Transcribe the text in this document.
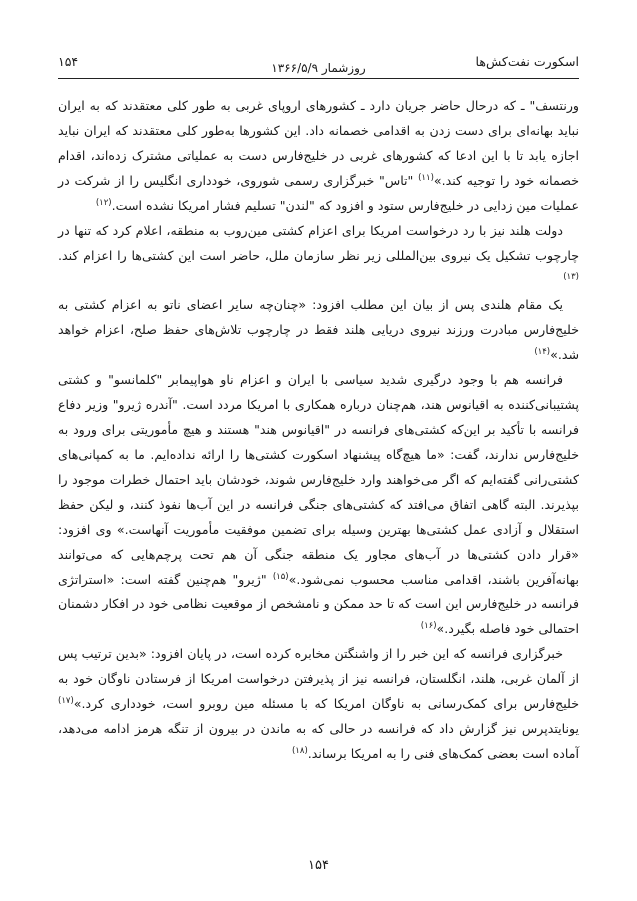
۱۵۴	اسکورت نفت‌کش‌ها
روزشمار ۱۳۶۶/۵/۹

ورنتسف" ـ که درحال حاضر جریان دارد ـ کشورهای اروپای غربی به طور کلی معتقدند که به ایران نباید بهانه‌ای برای دست زدن به اقدامی خصمانه داد. این کشورها به‌طور کلی معتقدند که ایران نباید اجازه یابد تا با این ادعا که کشورهای غربی در خلیج‌فارس دست به عملیاتی مشترک زده‌اند، اقدام خصمانه خود را توجیه کند.»$^{(۱۱)}$ "تاس" خبرگزاری رسمی شوروی، خودداری انگلیس را از شرکت در عملیات مین زدایی در خلیج‌فارس ستود و افزود که "لندن" تسلیم فشار امریکا نشده است.$^{(۱۲)}$

دولت هلند نیز با رد درخواست امریکا برای اعزام کشتی مین‌روب به منطقه، اعلام کرد که تنها در چارچوب تشکیل یک نیروی بین‌المللی زیر نظر سازمان ملل، حاضر است این کشتی‌ها را اعزام کند.$^{(۱۳)}$

یک مقام هلندی پس از بیان این مطلب افزود: «چنان‌چه سایر اعضای ناتو به‌ اعزام کشتی به خلیج‌فارس مبادرت ورزند نیروی دریایی هلند فقط در چارچوب تلاش‌های حفظ صلح، اعزام خواهد شد.»$^{(۱۴)}$

فرانسه هم با وجود درگیری شدید سیاسی با ایران و اعزام ناو هواپیمابر "کلمانسو" و کشتی پشتیبانی‌کننده به اقیانوس هند، هم‌چنان درباره همکاری با امریکا مردد است. "آندره ژیرو" وزیر دفاع فرانسه با تأکید بر این‌که کشتی‌های فرانسه در "اقیانوس هند" هستند و هیچ مأموریتی برای ورود به خلیج‌فارس ندارند، گفت: «ما هیچ‌گاه پیشنهاد اسکورت کشتی‌ها را ارائه نداده‌ایم. ما به کمپانی‌های کشتی‌رانی گفته‌ایم که اگر می‌خواهند وارد خلیج‌فارس شوند، خودشان باید احتمال خطرات موجود را بپذیرند. البته گاهی اتفاق می‌افتد که کشتی‌های جنگی فرانسه در این آب‌ها نفوذ کنند، و لیکن حفظ استقلال و آزادی عمل کشتی‌ها بهترین وسیله برای تضمین موفقیت مأموریت آنهاست.» وی افزود: «قرار دادن کشتی‌ها در آب‌های مجاور یک منطقه جنگی آن هم تحت پرچم‌هایی که می‌توانند بهانه‌آفرین باشند، اقدامی مناسب محسوب نمی‌شود.»$^{(۱۵)}$ "ژیرو" هم‌چنین گفته است: «استراتژی فرانسه در خلیج‌فارس این است که تا حد ممکن و نامشخص از موقعیت نظامی خود در افکار دشمنان احتمالی خود فاصله بگیرد.»$^{(۱۶)}$

خبرگزاری فرانسه که این خبر را از واشنگتن مخابره کرده است، در پایان افزود: «بدین ترتیب پس از آلمان غربی، هلند، انگلستان، فرانسه نیز از پذیرفتن درخواست امریکا از فرستادن ناوگان خود به خلیج‌فارس برای کمک‌رسانی به ناوگان امریکا که با مسئله مین روبرو است، خودداری کرد.»$^{(۱۷)}$ یونایتدپرس نیز گزارش داد که فرانسه در حالی که به ماندن در بیرون از تنگه هرمز ادامه می‌دهد، آماده است بعضی کمک‌های فنی را به امریکا برساند.$^{(۱۸)}$

۱۵۴
